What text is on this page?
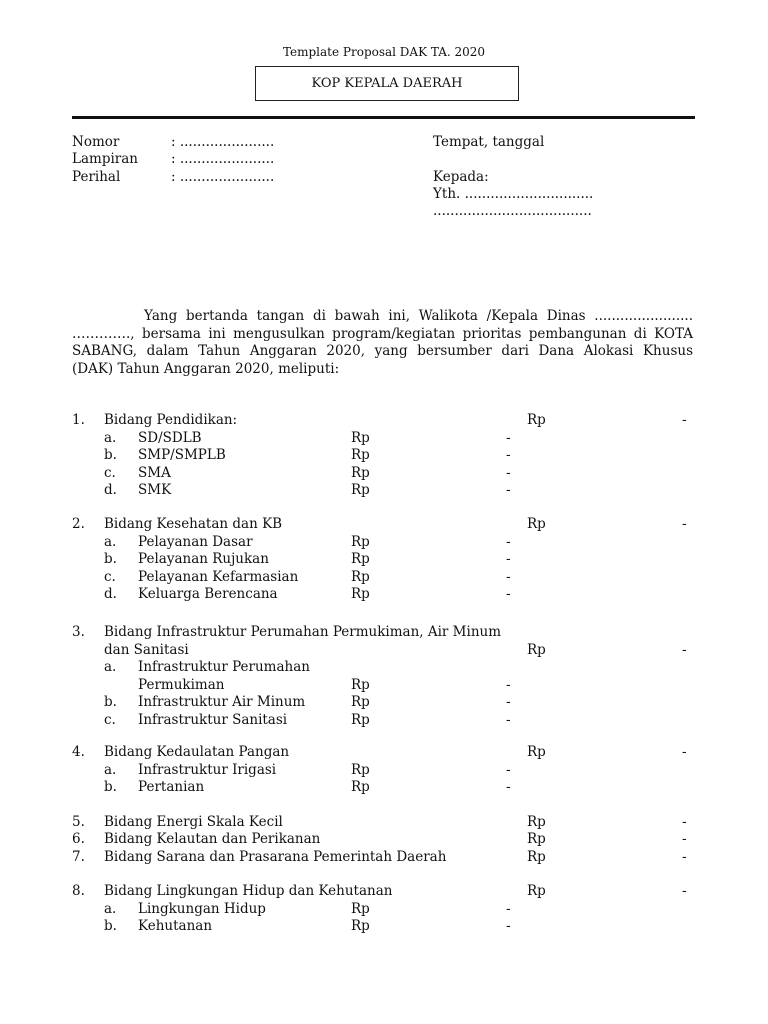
Template Proposal DAK TA. 2020
KOP KEPALA DAERAH
Nomor	: ......................
Lampiran : ......................
Perihal	: ......................
Tempat, tanggal
Kepada:
Yth. ..............................
.....................................
Yang bertanda tangan di bawah ini, Walikota /Kepala Dinas .......................
…………., bersama ini mengusulkan program/kegiatan prioritas pembangunan di KOTA
SABANG, dalam Tahun Anggaran 2020, yang bersumber dari Dana Alokasi Khusus
(DAK) Tahun Anggaran 2020, meliputi:
1. Bidang Pendidikan:	Rp	-
a. SD/SDLB	Rp	-
b. SMP/SMPLB	Rp	-
c. SMA	Rp	-
d. SMK	Rp	-
2. Bidang Kesehatan dan KB	Rp	-
a. Pelayanan Dasar	Rp	-
b. Pelayanan Rujukan	Rp	-
c. Pelayanan Kefarmasian	Rp	-
d. Keluarga Berencana	Rp	-
3. Bidang Infrastruktur Perumahan Permukiman, Air Minum
dan Sanitasi	Rp	-
a. Infrastruktur Perumahan
Permukiman	Rp	-
b. Infrastruktur Air Minum	Rp	-
c. Infrastruktur Sanitasi	Rp	-
4. Bidang Kedaulatan Pangan	Rp	-
a. Infrastruktur Irigasi	Rp	-
b. Pertanian	Rp	-
5. Bidang Energi Skala Kecil	Rp	-
6. Bidang Kelautan dan Perikanan	Rp	-
7. Bidang Sarana dan Prasarana Pemerintah Daerah	Rp	-
8. Bidang Lingkungan Hidup dan Kehutanan	Rp	-
a. Lingkungan Hidup	Rp	-
b. Kehutanan	Rp	-
